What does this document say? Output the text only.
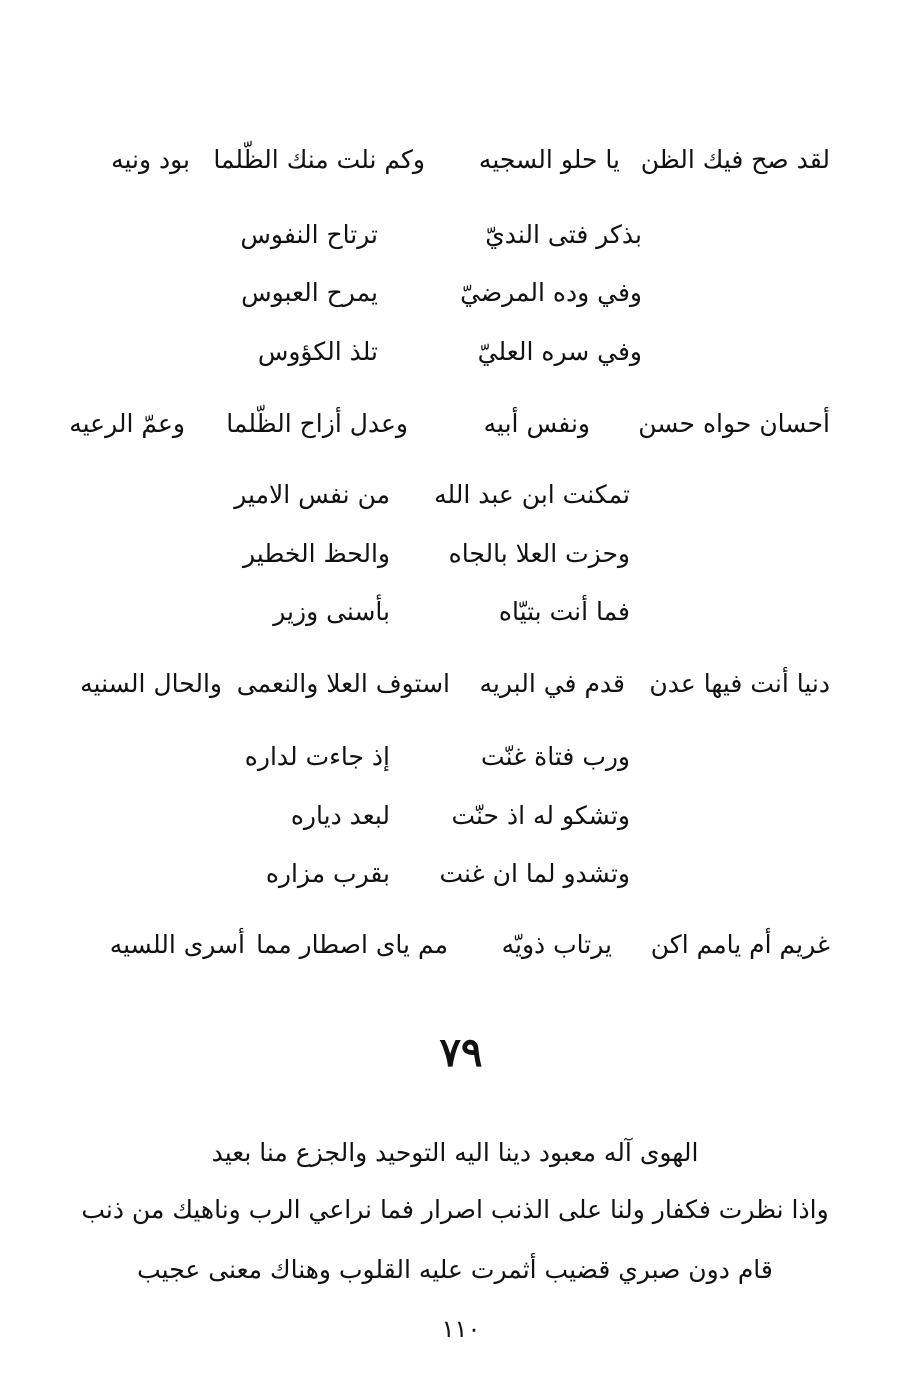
لقد صح فيك الظن
يا حلو السجيه
وكم نلت منك الظّلما
بود ونيه
بذكر فتى النديّ
ترتاح النفوس
وفي وده المرضيّ
يمرح العبوس
وفي سره العليّ
تلذ الكؤوس
أحسان حواه حسن
ونفس أبيه
وعدل أزاح الظّلما
وعمّ الرعيه
تمكنت ابن عبد الله
من نفس الامير
وحزت العلا بالجاه
والحظ الخطير
فما أنت بتيّاه
بأسنى وزير
دنيا أنت فيها عدن
قدم في البريه
استوف العلا والنعمى
والحال السنيه
ورب فتاة غنّت
إذ جاءت لداره
وتشكو له اذ حنّت
لبعد دياره
وتشدو لما ان غنت
بقرب مزاره
غريم أم يامم اكن
يرتاب ذويّه
مم ياى اصطار مما
أسرى اللسيه
٧٩
الهوى آله معبود دينا اليه التوحيد والجزع منا بعيد
واذا نظرت فكفار ولنا على الذنب اصرار فما نراعي الرب وناهيك من ذنب
قام دون صبري قضيب أثمرت عليه القلوب وهناك معنى عجيب
١١٠
